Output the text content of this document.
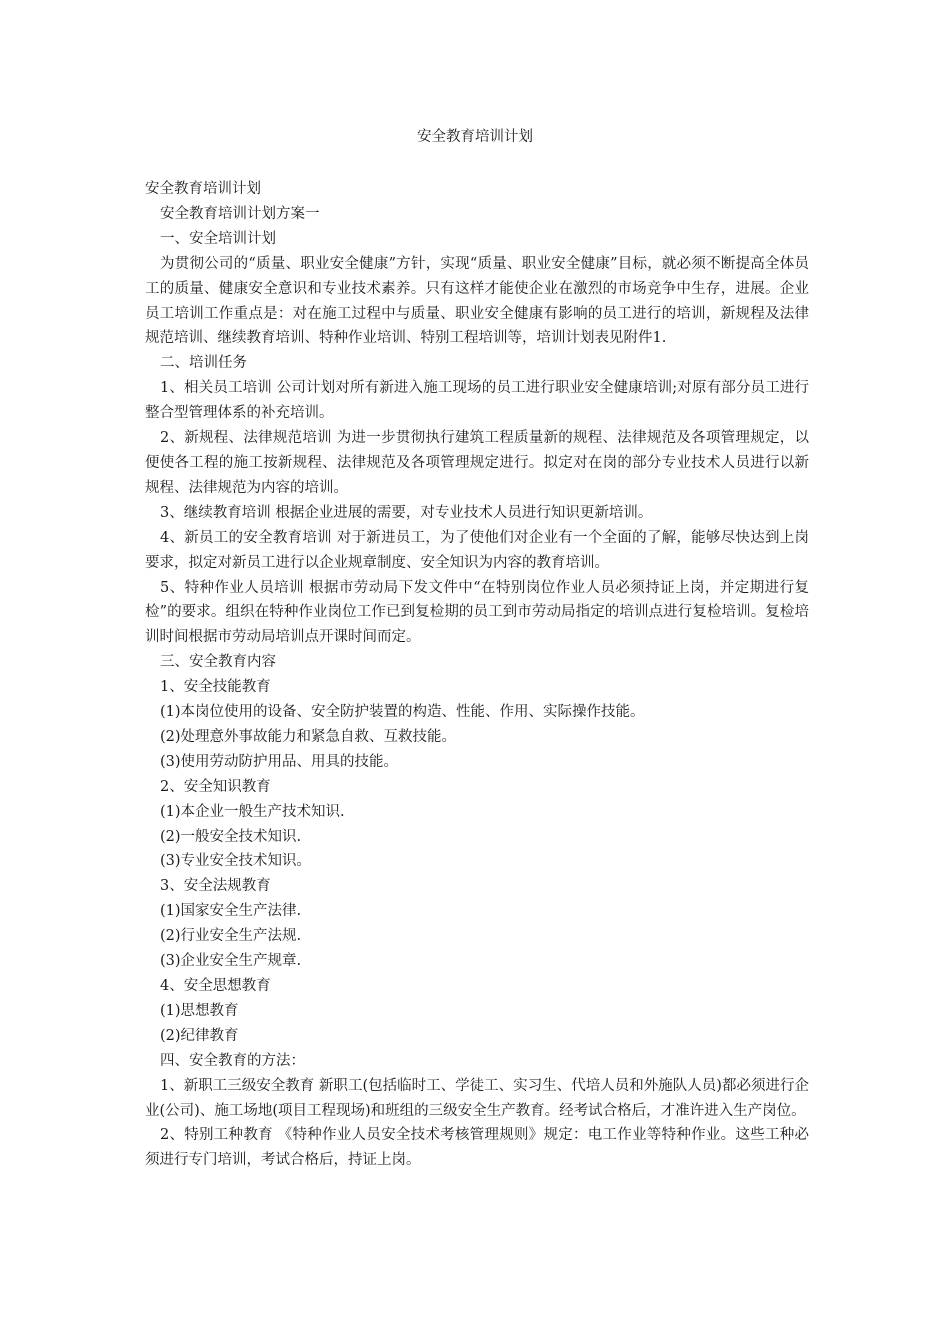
安全教育培训计划

安全教育培训计划

安全教育培训计划方案一

一、安全培训计划

为贯彻公司的“质量、职业安全健康”方针，实现“质量、职业安全健康”目标，就必须不断提高全体员工的质量、健康安全意识和专业技术素养。只有这样才能使企业在激烈的市场竞争中生存，进展。企业员工培训工作重点是：对在施工过程中与质量、职业安全健康有影响的员工进行的培训，新规程及法律规范培训、继续教育培训、特种作业培训、特别工程培训等，培训计划表见附件1.

二、培训任务

1、相关员工培训 公司计划对所有新进入施工现场的员工进行职业安全健康培训;对原有部分员工进行整合型管理体系的补充培训。

2、新规程、法律规范培训 为进一步贯彻执行建筑工程质量新的规程、法律规范及各项管理规定，以便使各工程的施工按新规程、法律规范及各项管理规定进行。拟定对在岗的部分专业技术人员进行以新规程、法律规范为内容的培训。

3、继续教育培训 根据企业进展的需要，对专业技术人员进行知识更新培训。

4、新员工的安全教育培训 对于新进员工，为了使他们对企业有一个全面的了解，能够尽快达到上岗要求，拟定对新员工进行以企业规章制度、安全知识为内容的教育培训。

5、特种作业人员培训 根据市劳动局下发文件中“在特别岗位作业人员必须持证上岗，并定期进行复检”的要求。组织在特种作业岗位工作已到复检期的员工到市劳动局指定的培训点进行复检培训。复检培训时间根据市劳动局培训点开课时间而定。

三、安全教育内容

1、安全技能教育

(1)本岗位使用的设备、安全防护装置的构造、性能、作用、实际操作技能。

(2)处理意外事故能力和紧急自救、互救技能。

(3)使用劳动防护用品、用具的技能。

2、安全知识教育

(1)本企业一般生产技术知识.

(2)一般安全技术知识.

(3)专业安全技术知识。

3、安全法规教育

(1)国家安全生产法律.

(2)行业安全生产法规.

(3)企业安全生产规章.

4、安全思想教育

(1)思想教育

(2)纪律教育

四、安全教育的方法：

1、新职工三级安全教育 新职工(包括临时工、学徒工、实习生、代培人员和外施队人员)都必须进行企业(公司)、施工场地(项目工程现场)和班组的三级安全生产教育。经考试合格后，才准许进入生产岗位。

2、特别工种教育 《特种作业人员安全技术考核管理规则》规定：电工作业等特种作业。这些工种必须进行专门培训，考试合格后，持证上岗。
